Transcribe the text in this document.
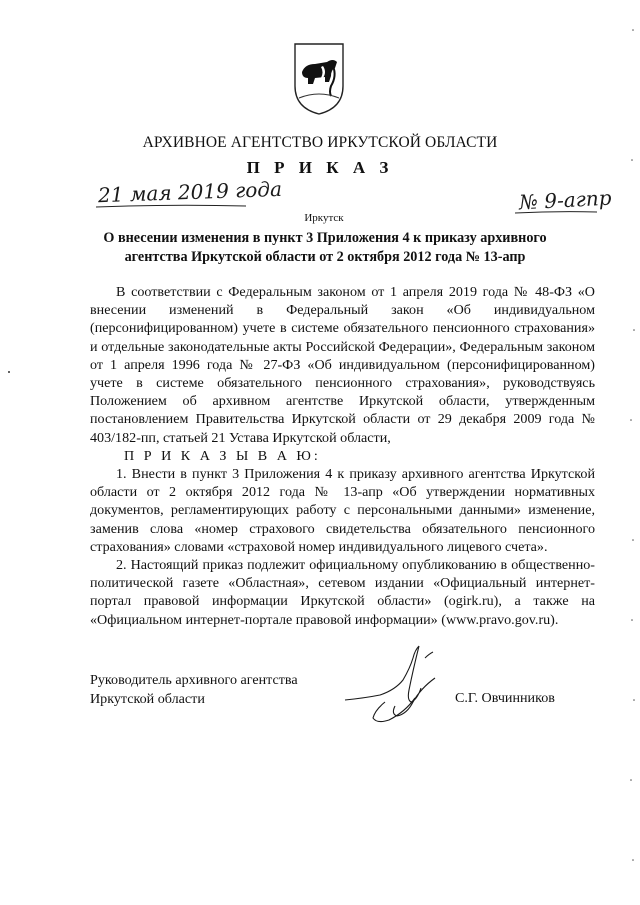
АРХИВНОЕ АГЕНТСТВО ИРКУТСКОЙ ОБЛАСТИ
П Р И К А З
21 мая 2019 года	№ 9-агпр
Иркутск
О внесении изменения в пункт 3 Приложения 4 к приказу архивного
агентства Иркутской области от 2 октября 2012 года № 13-апр

В соответствии с Федеральным законом от 1 апреля 2019 года № 48-ФЗ «О внесении изменений в Федеральный закон «Об индивидуальном (персонифицированном) учете в системе обязательного пенсионного страхования» и отдельные законодательные акты Российской Федерации», Федеральным законом от 1 апреля 1996 года № 27-ФЗ «Об индивидуальном (персонифицированном) учете в системе обязательного пенсионного страхования», руководствуясь Положением об архивном агентстве Иркутской области, утвержденным постановлением Правительства Иркутской области от 29 декабря 2009 года № 403/182-пп, статьей 21 Устава Иркутской области,

П Р И К А З Ы В А Ю:

1. Внести в пункт 3 Приложения 4 к приказу архивного агентства Иркутской области от 2 октября 2012 года № 13-апр «Об утверждении нормативных документов, регламентирующих работу с персональными данными» изменение, заменив слова «номер страхового свидетельства обязательного пенсионного страхования» словами «страховой номер индивидуального лицевого счета».

2. Настоящий приказ подлежит официальному опубликованию в общественно-политической газете «Областная», сетевом издании «Официальный интернет-портал правовой информации Иркутской области» (ogirk.ru), а также на «Официальном интернет-портале правовой информации» (www.pravo.gov.ru).

Руководитель архивного агентства
Иркутской области	С.Г. Овчинников
